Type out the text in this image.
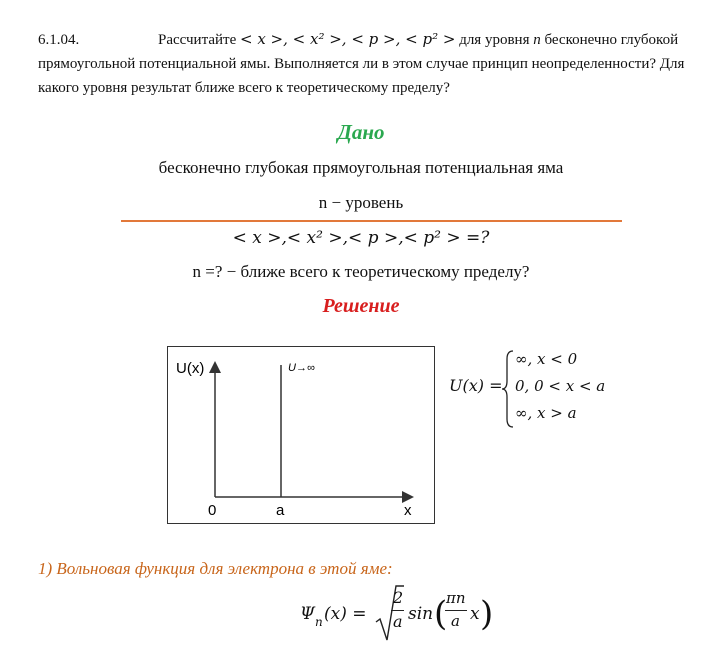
6.1.04.	Рассчитайте < x >, < x² >, < p >, < p² > для уровня n бесконечно глубокой прямоугольной потенциальной ямы. Выполняется ли в этом случае принцип неопределенности? Для какого уровня результат ближе всего к теоретическому пределу?
Дано
бесконечно глубокая прямоугольная потенциальная яма
n − уровень
< x >,< x² >,< p >,< p² > =?
n =? − ближе всего к теоретическому пределу?
Решение
U(x)	U→∞
0	a	x
U(x) =
∞, x < 0
0, 0 < x < a
∞, x > a
1) Вольновая функция для электрона в этой яме:
Ψ n (x) =
2
a sin (
πn
a x )
